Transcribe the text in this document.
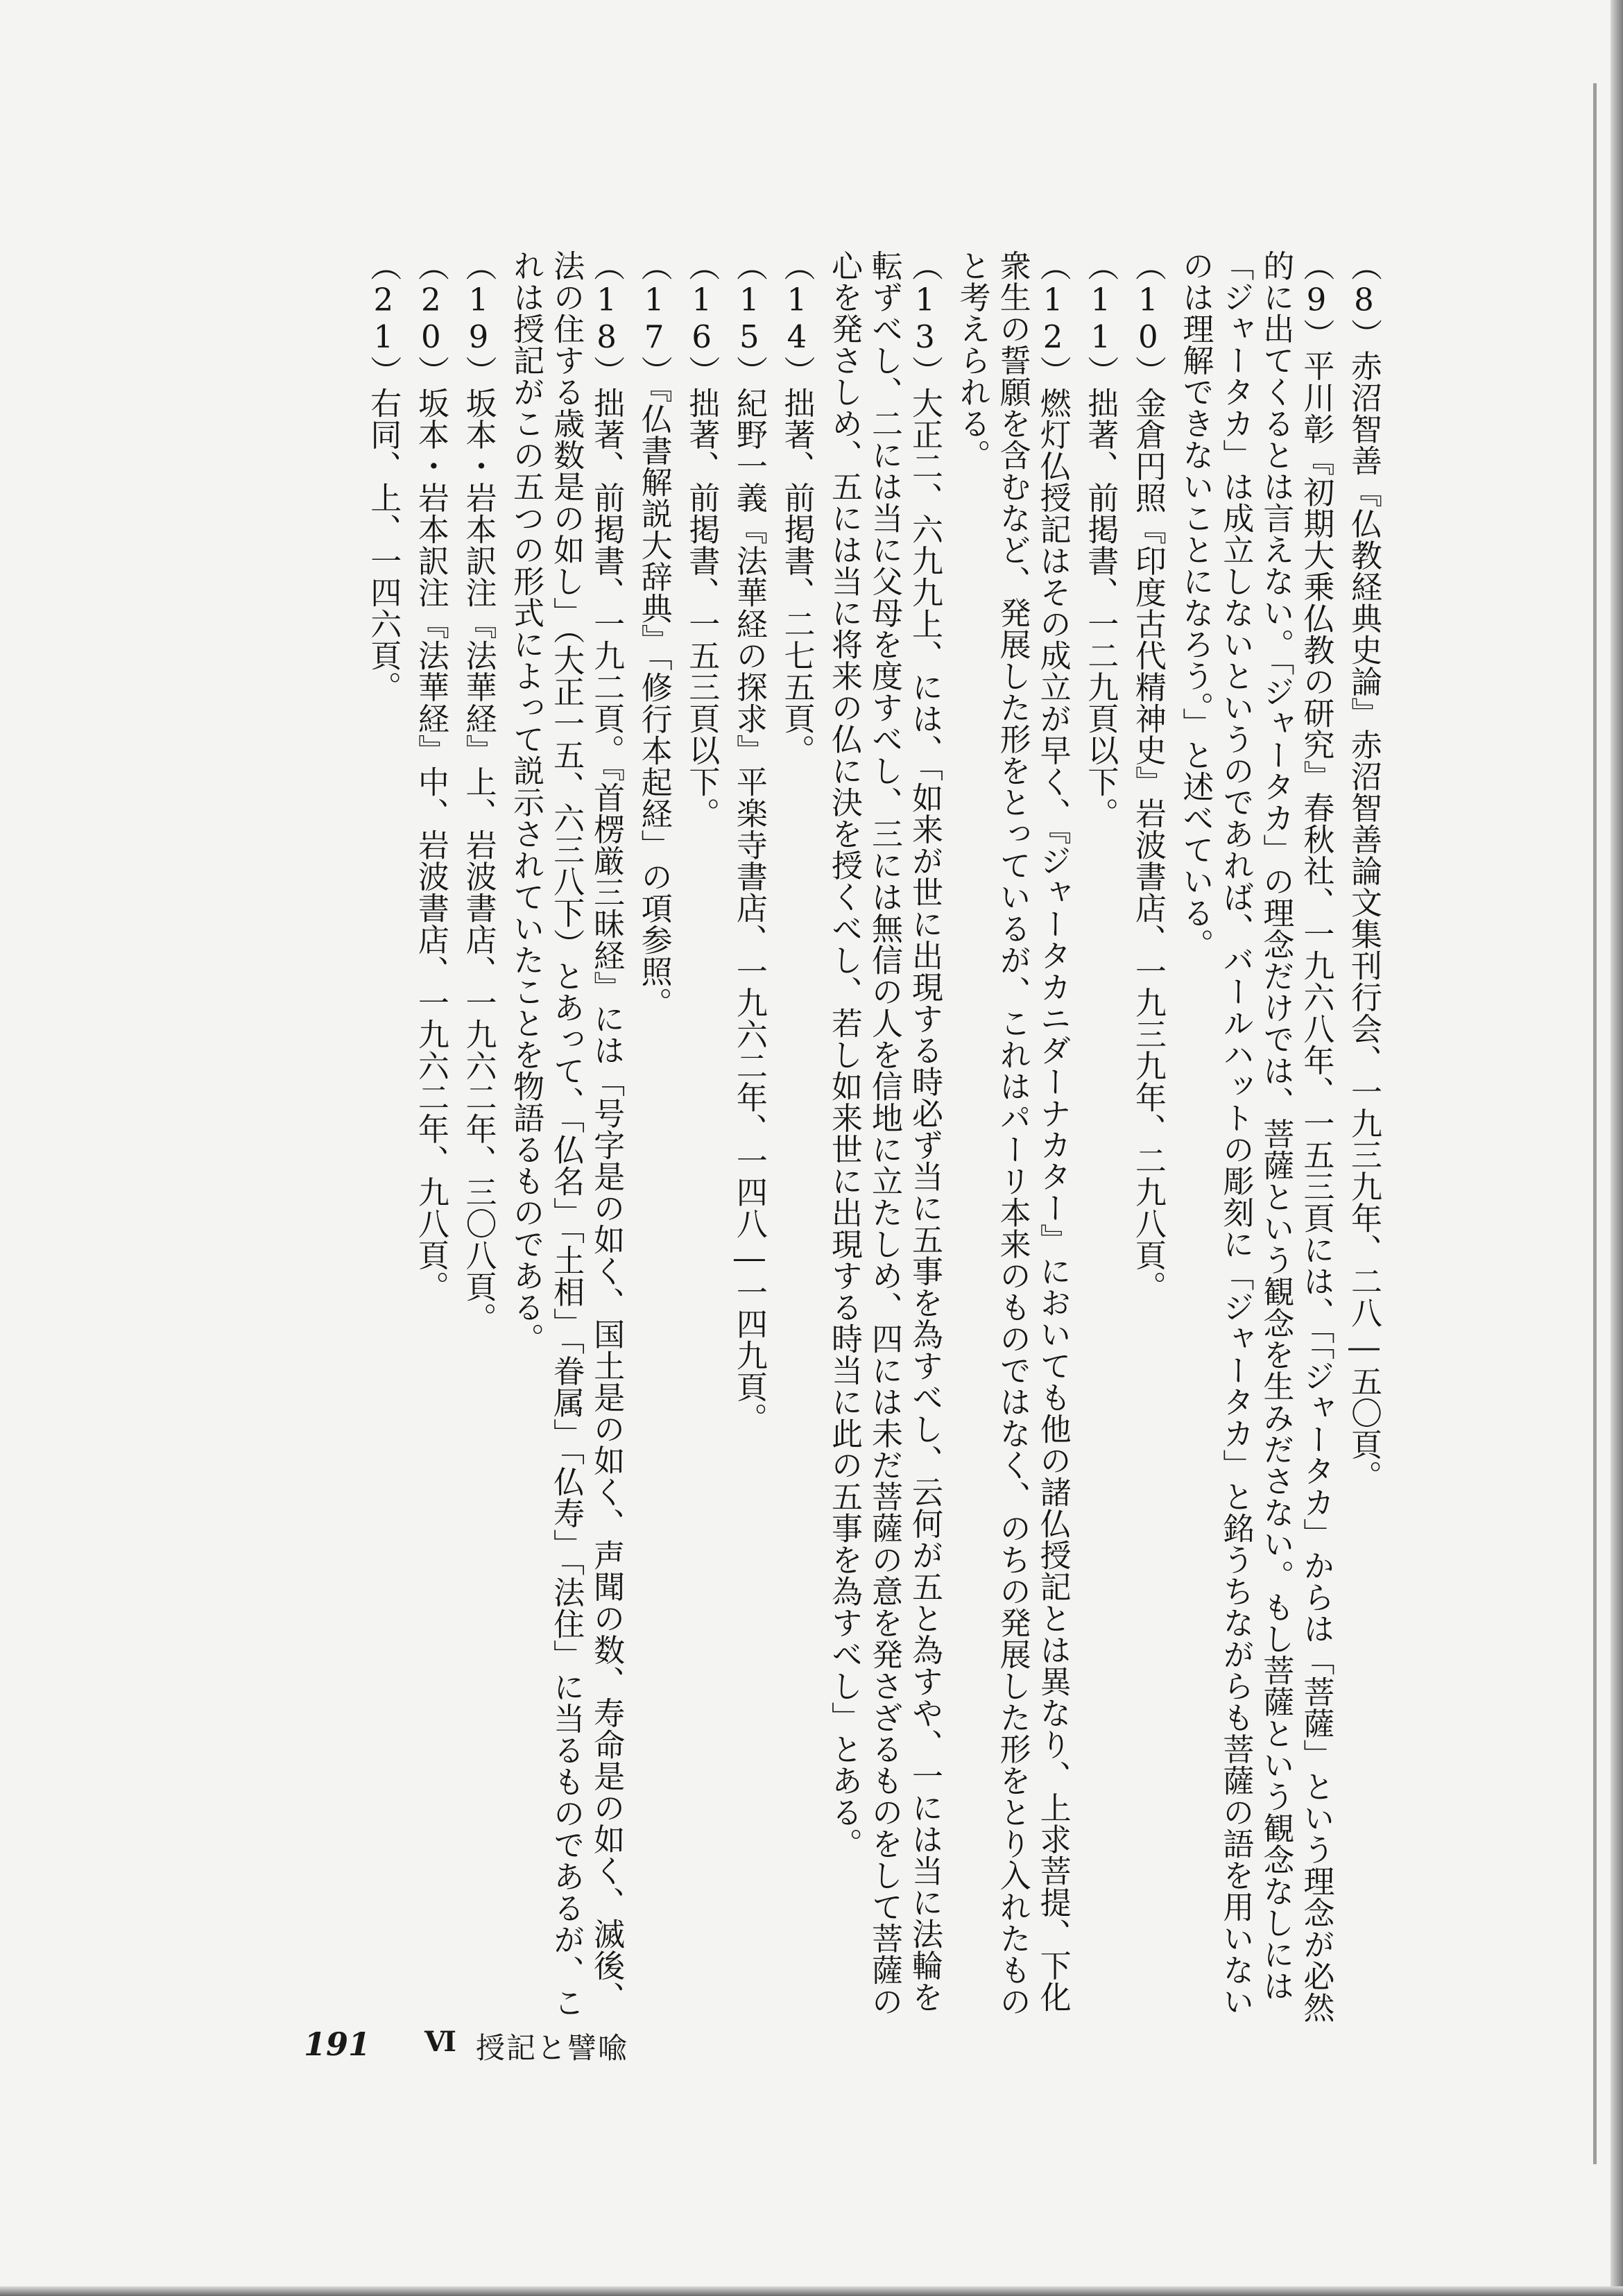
（8）赤沼智善『仏教経典史論』赤沼智善論文集刊行会、一九三九年、二八―五〇頁。

（9）平川彰『初期大乗仏教の研究』春秋社、一九六八年、一五三頁には、「「ジャータカ」からは「菩薩」という理念が必然的に出てくるとは言えない。「ジャータカ」の理念だけでは、菩薩という観念を生みださない。もし菩薩という観念なしには「ジャータカ」は成立しないというのであれば、バールハットの彫刻に「ジャータカ」と銘うちながらも菩薩の語を用いないのは理解できないことになろう。」と述べている。

（10）金倉円照『印度古代精神史』岩波書店、一九三九年、二九八頁。

（11）拙著、前掲書、一二九頁以下。

（12）燃灯仏授記はその成立が早く、『ジャータカニダーナカター』においても他の諸仏授記とは異なり、上求菩提、下化衆生の誓願を含むなど、発展した形をとっているが、これはパーリ本来のものではなく、のちの発展した形をとり入れたものと考えられる。

（13）大正二、六九九上、には、「如来が世に出現する時必ず当に五事を為すべし、云何が五と為すや、一には当に法輪を転ずべし、二には当に父母を度すべし、三には無信の人を信地に立たしめ、四には未だ菩薩の意を発さざるものをして菩薩の心を発さしめ、五には当に将来の仏に決を授くべし、若し如来世に出現する時当に此の五事を為すべし」とある。

（14）拙著、前掲書、二七五頁。

（15）紀野一義『法華経の探求』平楽寺書店、一九六二年、一四八―一四九頁。

（16）拙著、前掲書、一五三頁以下。

（17）『仏書解説大辞典』「修行本起経」の項参照。

（18）拙著、前掲書、一九二頁。『首楞厳三昧経』には「号字是の如く、国土是の如く、声聞の数、寿命是の如く、滅後、法の住する歳数是の如し」（大正一五、六三八下）とあって、「仏名」「土相」「眷属」「仏寿」「法住」に当るものであるが、これは授記がこの五つの形式によって説示されていたことを物語るものである。

（19）坂本・岩本訳注『法華経』上、岩波書店、一九六二年、三〇八頁。

（20）坂本・岩本訳注『法華経』中、岩波書店、一九六二年、九八頁。

（21）右同、上、一四六頁。

191 Ⅵ 授記と譬喩
